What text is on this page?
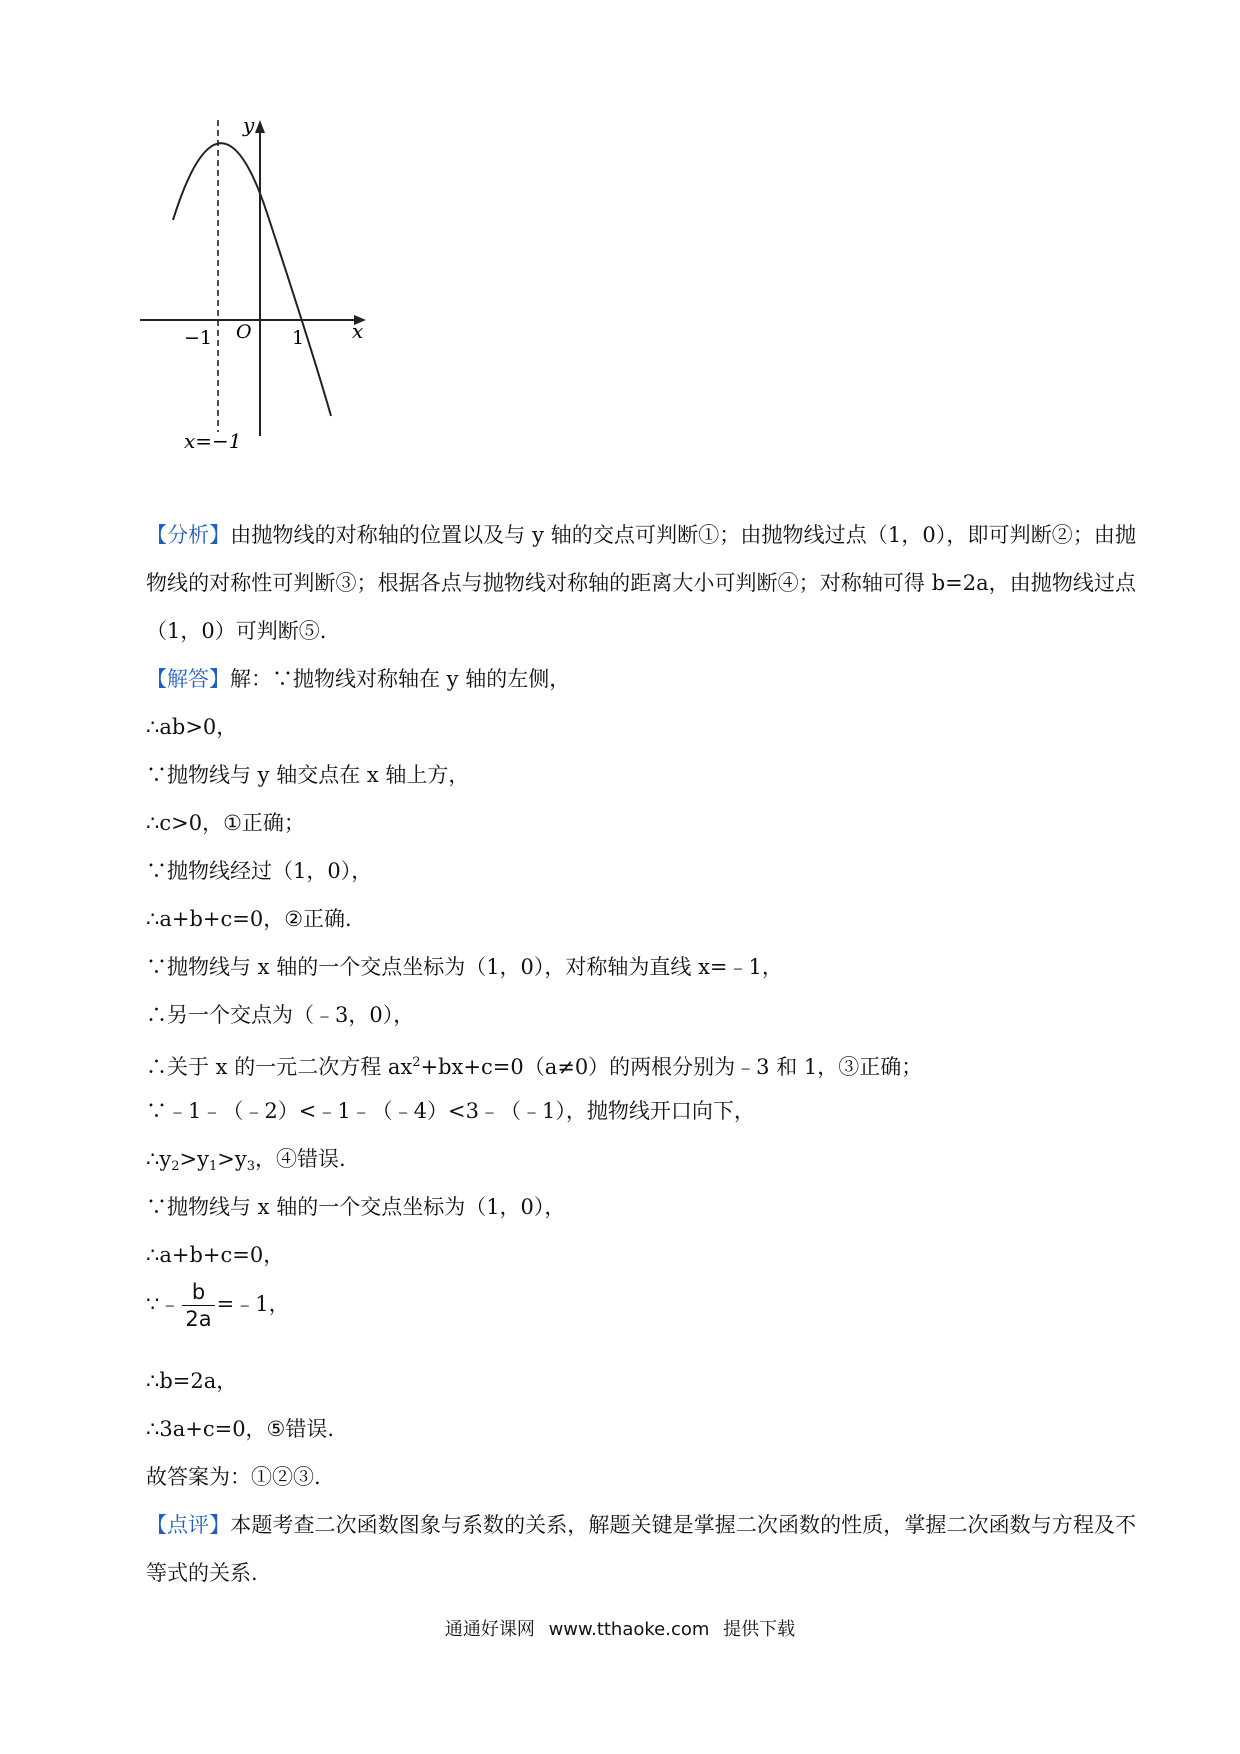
y
x
O
−1	1
x=−1
【分析】由抛物线的对称轴的位置以及与 y 轴的交点可判断①；由抛物线过点（1，0），即可判断②；由抛物线的对称性可判断③；根据各点与抛物线对称轴的距离大小可判断④；对称轴可得 b=2a，由抛物线过点（1，0）可判断⑤.
【解答】解：∵抛物线对称轴在 y 轴的左侧，
∴ab>0，
∵抛物线与 y 轴交点在 x 轴上方，
∴c>0，①正确；
∵抛物线经过（1，0），
∴a+b+c=0，②正确.
∵抛物线与 x 轴的一个交点坐标为（1，0），对称轴为直线 x=﹣1，
∴另一个交点为（﹣3，0），
∴关于 x 的一元二次方程 $ax^2+bx+c=0(a\ne 0)$的两根分别为﹣3 和 1，③正确；
∵﹣1﹣（﹣2）<﹣1﹣（﹣4）<3﹣（﹣1），抛物线开口向下，
$\therefore y_2>y_1>y_3$，④错误.
∵抛物线与 x 轴的一个交点坐标为（1，0），
∴a+b+c=0，
∵﹣ $\frac{b}{2a}$ =﹣1，
∴b=2a，
∴3a+c=0，⑤错误.
故答案为：①②③.
【点评】本题考查二次函数图象与系数的关系，解题关键是掌握二次函数的性质，掌握二次函数与方程及不等式的关系.
通通好课网 www.tthaoke.com 提供下载
